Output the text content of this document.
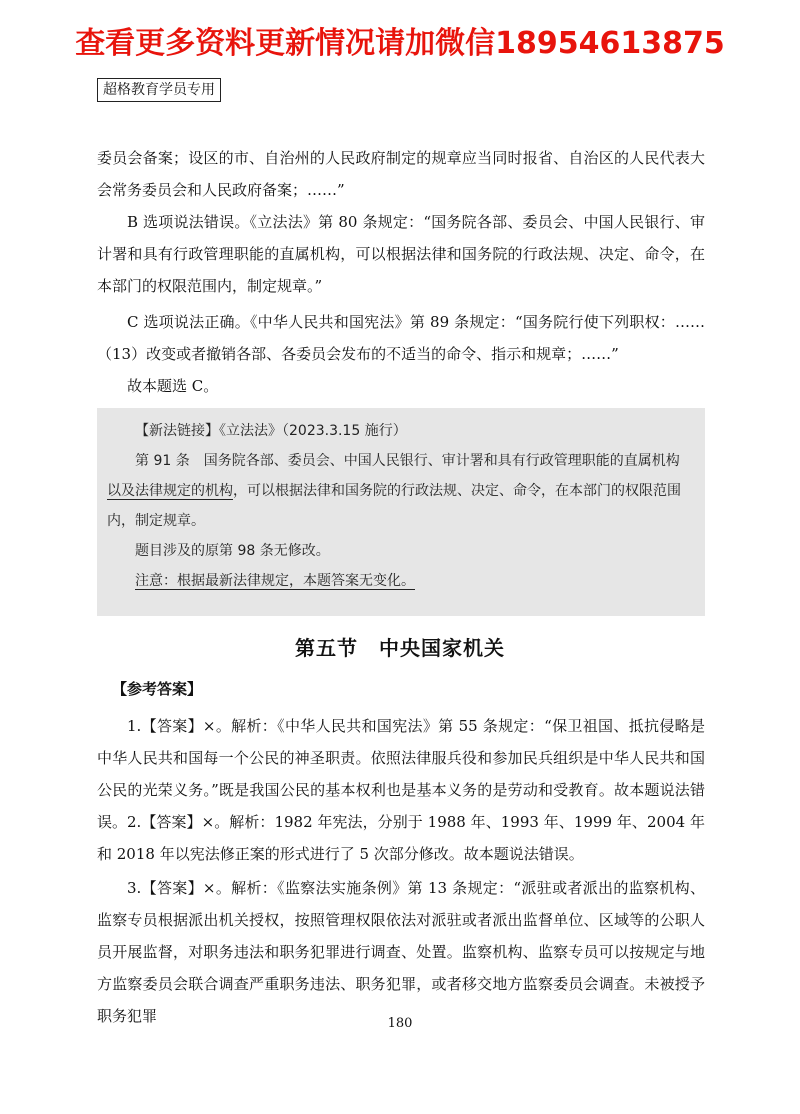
查看更多资料更新情况请加微信18954613875
超格教育学员专用

委员会备案；设区的市、自治州的人民政府制定的规章应当同时报省、自治区的人民代表大会常务委员会和人民政府备案；……”

B 选项说法错误。《立法法》第 80 条规定：“国务院各部、委员会、中国人民银行、审计署和具有行政管理职能的直属机构，可以根据法律和国务院的行政法规、决定、命令，在本部门的权限范围内，制定规章。”

C 选项说法正确。《中华人民共和国宪法》第 89 条规定：“国务院行使下列职权：……（13）改变或者撤销各部、各委员会发布的不适当的命令、指示和规章；……”

故本题选 C。

【新法链接】《立法法》（2023.3.15 施行）

第 91 条　国务院各部、委员会、中国人民银行、审计署和具有行政管理职能的直属机构以及法律规定的机构，可以根据法律和国务院的行政法规、决定、命令，在本部门的权限范围内，制定规章。

题目涉及的原第 98 条无修改。

注意：根据最新法律规定，本题答案无变化。

第五节　中央国家机关
【参考答案】

1.【答案】×。解析：《中华人民共和国宪法》第 55 条规定：“保卫祖国、抵抗侵略是中华人民共和国每一个公民的神圣职责。依照法律服兵役和参加民兵组织是中华人民共和国公民的光荣义务。”既是我国公民的基本权利也是基本义务的是劳动和受教育。故本题说法错误。 2.【答案】×。解析：1982 年宪法，分别于 1988 年、1993 年、1999 年、2004 年和 2018 年以宪法修正案的形式进行了 5 次部分修改。故本题说法错误。

3.【答案】×。解析：《监察法实施条例》第 13 条规定：“派驻或者派出的监察机构、监察专员根据派出机关授权，按照管理权限依法对派驻或者派出监督单位、区域等的公职人员开展监督，对职务违法和职务犯罪进行调查、处置。监察机构、监察专员可以按规定与地方监察委员会联合调查严重职务违法、职务犯罪，或者移交地方监察委员会调查。未被授予职务犯罪	180
